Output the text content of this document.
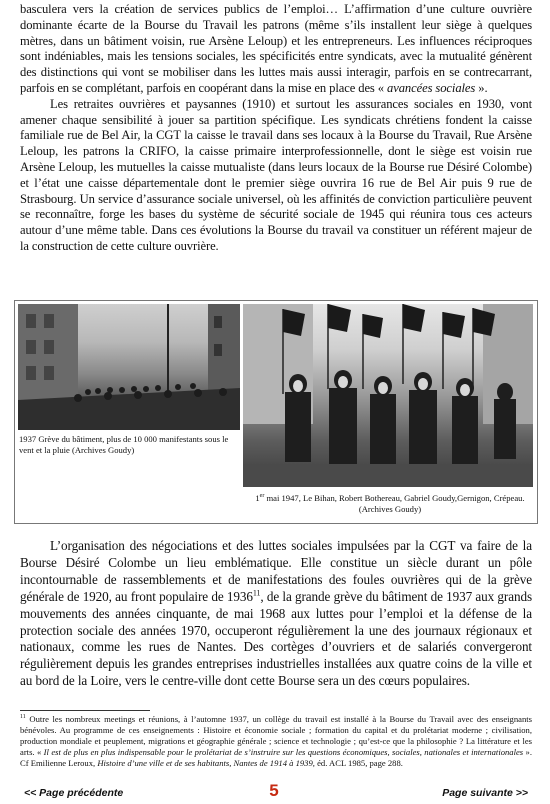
basculera vers la création de services publics de l’emploi… L’affirmation d’une culture ouvrière dominante écarte de la Bourse du Travail les patrons (même s’ils installent leur siège à quelques mètres, dans un bâtiment voisin, rue Arsène Leloup) et les entrepreneurs. Les influences réciproques sont indéniables, mais les tensions sociales, les spécificités entre syndicats, avec la mutualité génèrent des distinctions qui vont se mobiliser dans les luttes mais aussi interagir, parfois en se contrecarrant, parfois en se complétant, parfois en coopérant dans la mise en place des « avancées sociales ».

Les retraites ouvrières et paysannes (1910) et surtout les assurances sociales en 1930, vont amener chaque sensibilité à jouer sa partition spécifique. Les syndicats chrétiens fondent la caisse familiale rue de Bel Air, la CGT la caisse le travail dans ses locaux à la Bourse du Travail, Rue Arsène Leloup, les patrons la CRIFO, la caisse primaire interprofessionnelle, dont le siège est voisin rue Arsène Leloup, les mutuelles la caisse mutualiste (dans leurs locaux de la Bourse rue Désiré Colombe) et l’état une caisse départementale dont le premier siège ouvrira 16 rue de Bel Air puis 9 rue de Strasbourg. Un service d’assurance sociale universel, où les affinités de conviction particulière peuvent se reconnaître, forge les bases du système de sécurité sociale de 1945 qui réunira tous ces acteurs autour d’une même table. Dans ces évolutions la Bourse du travail va constituer un référent majeur de la construction de cette culture ouvrière.

1937 Grève du bâtiment, plus de 10 000 manifestants sous le vent et la pluie (Archives Goudy)
1er mai 1947, Le Bihan, Robert Bothereau, Gabriel Goudy,Gernigon, Crépeau. (Archives Goudy)

L’organisation des négociations et des luttes sociales impulsées par la CGT va faire de la Bourse Désiré Colombe un lieu emblématique. Elle constitue un siècle durant un pôle incontournable de rassemblements et de manifestations des foules ouvrières qui de la grève générale de 1920, au front populaire de 1936$^{11}$, de la grande grève du bâtiment de 1937 aux grands mouvements des années cinquante, de mai 1968 aux luttes pour l’emploi et la défense de la protection sociale des années 1970, occuperont régulièrement la une des journaux régionaux et nationaux, comme les rues de Nantes. Des cortèges d’ouvriers et de salariés convergeront régulièrement depuis les grandes entreprises industrielles installées aux quatre coins de la ville et au bord de la Loire, vers le centre-ville dont cette Bourse sera un des cœurs populaires.

$^{11}$ Outre les nombreux meetings et réunions, à l’automne 1937, un collège du travail est installé à la Bourse du Travail avec des enseignants bénévoles. Au programme de ces enseignements : Histoire et économie sociale ; formation du capital et du prolétariat moderne ; civilisation, production mondiale et peuplement, migrations et géographie générale ; science et technologie ; qu’est-ce que la philosophie ? La littérature et les arts. « Il est de plus en plus indispensable pour le prolétariat de s’instruire sur les questions économiques, sociales, nationales et internationales ». Cf Emilienne Leroux, Histoire d’une ville et de ses habitants, Nantes de 1914 à 1939, éd. ACL 1985, page 288.
<< Page précédente	5	Page suivante >>
